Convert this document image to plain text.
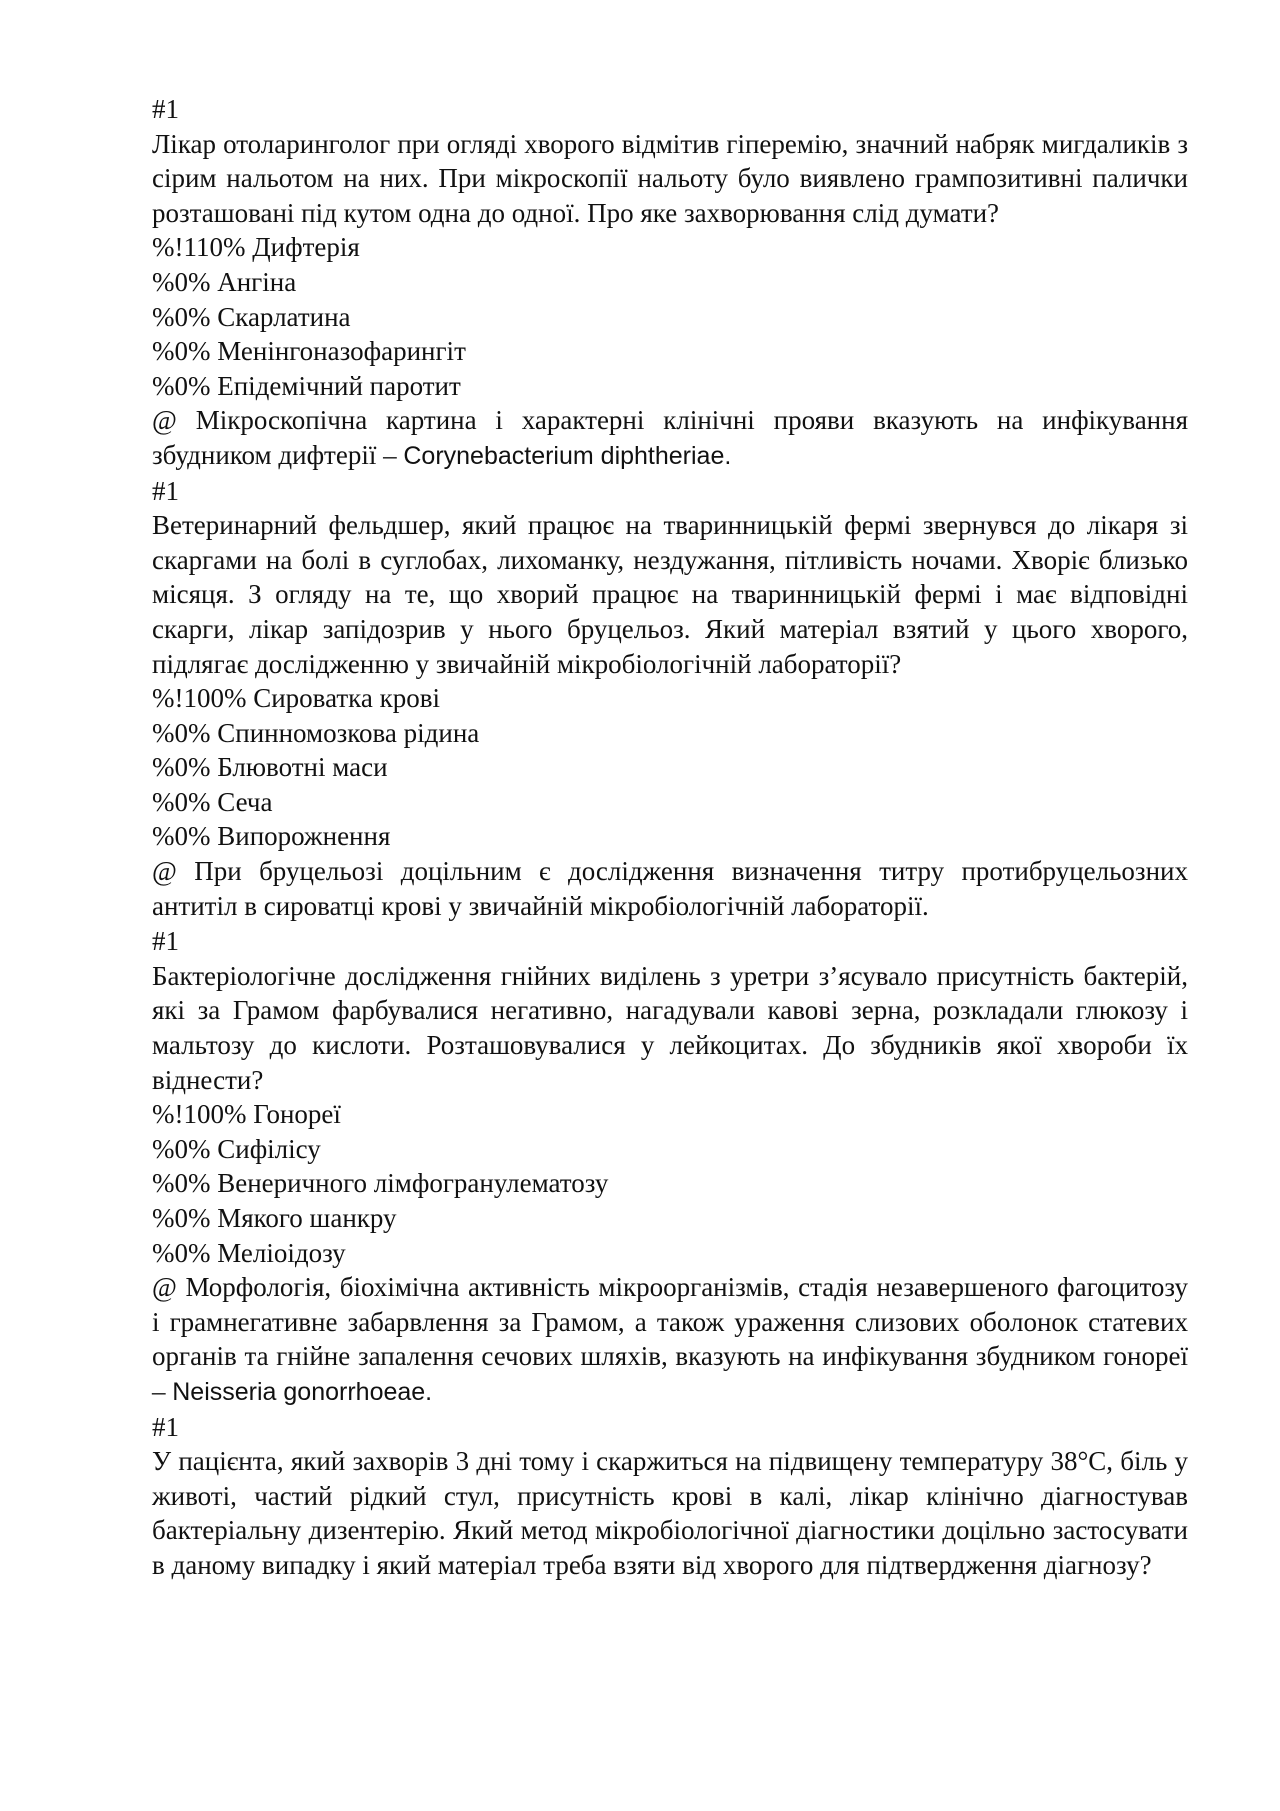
#1

Лікар отоларинголог при огляді хворого відмітив гіперемію, значний набряк мигдаликів з сірим нальотом на них. При мікроскопії нальоту було виявлено грампозитивні палички розташовані під кутом одна до одної. Про яке захворювання слід думати?

%!110% Дифтерія

%0% Ангіна

%0% Скарлатина

%0% Менінгоназофарингіт

%0% Епідемічний паротит

@ Мікроскопічна картина і характерні клінічні прояви вказують на инфікування збудником дифтерії – Corynebacterium diphtheriae.

#1

Ветеринарний фельдшер, який працює на тваринницькій фермі звернувся до лікаря зі скаргами на болі в суглобах, лихоманку, нездужання, пітливість ночами. Хворіє близько місяця. З огляду на те, що хворий працює на тваринницькій фермі і має відповідні скарги, лікар запідозрив у нього бруцельоз. Який матеріал взятий у цього хворого, підлягає дослідженню у звичайній мікробіологічній лабораторії?

%!100% Сироватка крові

%0% Спинномозкова рідина

%0% Блювотні маси

%0% Сеча

%0% Випорожнення

@ При бруцельозі доцільним є дослідження визначення титру протибруцельозних антитіл в сироватці крові у звичайній мікробіологічній лабораторії.

#1

Бактеріологічне дослідження гнійних виділень з уретри з’ясувало присутність бактерій, які за Грамом фарбувалися негативно, нагадували кавові зерна, розкладали глюкозу і мальтозу до кислоти. Розташовувалися у лейкоцитах. До збудників якої хвороби їх віднести?

%!100% Гонореї

%0% Сифілісу

%0% Венеричного лімфогранулематозу

%0% Мякого шанкру

%0% Меліоідозу

@ Морфологія, біохімічна активність мікроорганізмів, стадія незавершеного фагоцитозу і грамнегативне забарвлення за Грамом, а також ураження слизових оболонок статевих органів та гнійне запалення сечових шляхів, вказують на инфікування збудником гонореї – Neisseria gonorrhoeae.

#1

У пацієнта, який захворів 3 дні тому і скаржиться на підвищену температуру 38°С, біль у животі, частий рідкий стул, присутність крові в калі, лікар клінічно діагностував бактеріальну дизентерію. Який метод мікробіологічної діагностики доцільно застосувати в даному випадку і який матеріал треба взяти від хворого для підтвердження діагнозу?
